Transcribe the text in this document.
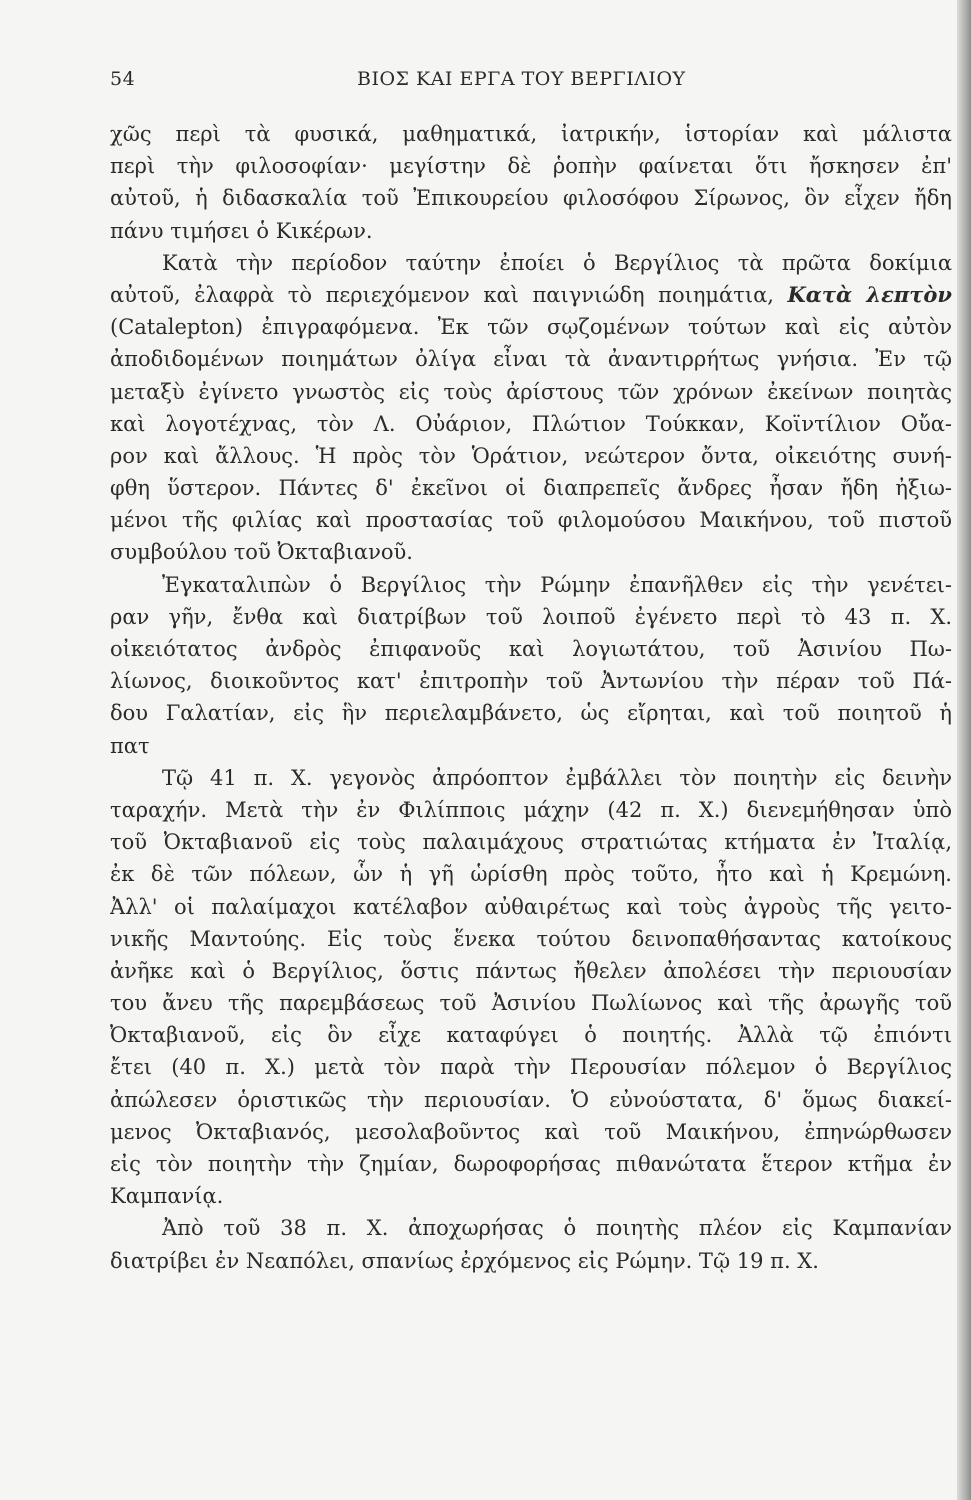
54	ΒΙΟΣ ΚΑΙ ΕΡΓΑ ΤΟΥ ΒΕΡΓΙΛΙΟΥ
χῶς περὶ τὰ φυσικά, μαθηματικά, ἰατρικήν, ἱστορίαν καὶ μάλιστα
περὶ τὴν φιλοσοφίαν· μεγίστην δὲ ῥοπὴν φαίνεται ὅτι ἤσκησεν ἐπ'
αὐτοῦ, ἡ διδασκαλία τοῦ Ἐπικουρείου φιλοσόφου Σίρωνος, ὃν εἶχεν ἤδη
πάνυ τιμήσει ὁ Κικέρων.
Κατὰ τὴν περίοδον ταύτην ἐποίει ὁ Βεργίλιος τὰ πρῶτα δοκίμια
αὐτοῦ, ἐλαφρὰ τὸ περιεχόμενον καὶ παιγνιώδη ποιημάτια, Κατὰ λεπτὸν
(Catalepton) ἐπιγραφόμενα. Ἐκ τῶν σῳζομένων τούτων καὶ εἰς αὐτὸν
ἀποδιδομένων ποιημάτων ὀλίγα εἶναι τὰ ἀναντιρρήτως γνήσια. Ἐν τῷ
μεταξὺ ἐγίνετο γνωστὸς εἰς τοὺς ἀρίστους τῶν χρόνων ἐκείνων ποιητὰς
καὶ λογοτέχνας, τὸν Λ. Οὐάριον, Πλώτιον Τούκκαν, Κοϊντίλιον Οὔα-
ρον καὶ ἄλλους. Ἡ πρὸς τὸν Ὁράτιον, νεώτερον ὄντα, οἰκειότης συνή-
φθη ὕστερον. Πάντες δ' ἐκεῖνοι οἱ διαπρεπεῖς ἄνδρες ἦσαν ἤδη ἠξιω-
μένοι τῆς φιλίας καὶ προστασίας τοῦ φιλομούσου Μαικήνου, τοῦ πιστοῦ
συμβούλου τοῦ Ὀκταβιανοῦ.
Ἐγκαταλιπὼν ὁ Βεργίλιος τὴν Ρώμην ἐπανῆλθεν εἰς τὴν γενέτει-
ραν γῆν, ἔνθα καὶ διατρίβων τοῦ λοιποῦ ἐγένετο περὶ τὸ 43 π. Χ.
οἰκειότατος ἀνδρὸς ἐπιφανοῦς καὶ λογιωτάτου, τοῦ Ἀσινίου Πω-
λίωνος, διοικοῦντος κατ' ἐπιτροπὴν τοῦ Ἀντωνίου τὴν πέραν τοῦ Πά-
δου Γαλατίαν, εἰς ἣν περιελαμβάνετο, ὡς εἴρηται, καὶ τοῦ ποιητοῦ ἡ
πατ
Τῷ 41 π. Χ. γεγονὸς ἀπρόοπτον ἐμβάλλει τὸν ποιητὴν εἰς δεινὴν
ταραχήν. Μετὰ τὴν ἐν Φιλίπποις μάχην (42 π. Χ.) διενεμήθησαν ὑπὸ
τοῦ Ὀκταβιανοῦ εἰς τοὺς παλαιμάχους στρατιώτας κτήματα ἐν Ἰταλίᾳ,
ἐκ δὲ τῶν πόλεων, ὧν ἡ γῆ ὡρίσθη πρὸς τοῦτο, ἦτο καὶ ἡ Κρεμώνη.
Ἀλλ' οἱ παλαίμαχοι κατέλαβον αὐθαιρέτως καὶ τοὺς ἀγροὺς τῆς γειτο-
νικῆς Μαντούης. Εἰς τοὺς ἕνεκα τούτου δεινοπαθήσαντας κατοίκους
ἀνῆκε καὶ ὁ Βεργίλιος, ὅστις πάντως ἤθελεν ἀπολέσει τὴν περιουσίαν
του ἄνευ τῆς παρεμβάσεως τοῦ Ἀσινίου Πωλίωνος καὶ τῆς ἀρωγῆς τοῦ
Ὀκταβιανοῦ, εἰς ὃν εἶχε καταφύγει ὁ ποιητής. Ἀλλὰ τῷ ἐπιόντι
ἔτει (40 π. Χ.) μετὰ τὸν παρὰ τὴν Περουσίαν πόλεμον ὁ Βεργίλιος
ἀπώλεσεν ὁριστικῶς τὴν περιουσίαν. Ὁ εὐνούστατα, δ' ὅμως διακεί-
μενος Ὀκταβιανός, μεσολαβοῦντος καὶ τοῦ Μαικήνου, ἐπηνώρθωσεν
εἰς τὸν ποιητὴν τὴν ζημίαν, δωροφορήσας πιθανώτατα ἕτερον κτῆμα ἐν
Καμπανίᾳ.
Ἀπὸ τοῦ 38 π. Χ. ἀποχωρήσας ὁ ποιητὴς πλέον εἰς Καμπανίαν
διατρίβει ἐν Νεαπόλει, σπανίως ἐρχόμενος εἰς Ρώμην. Τῷ 19 π. Χ.
